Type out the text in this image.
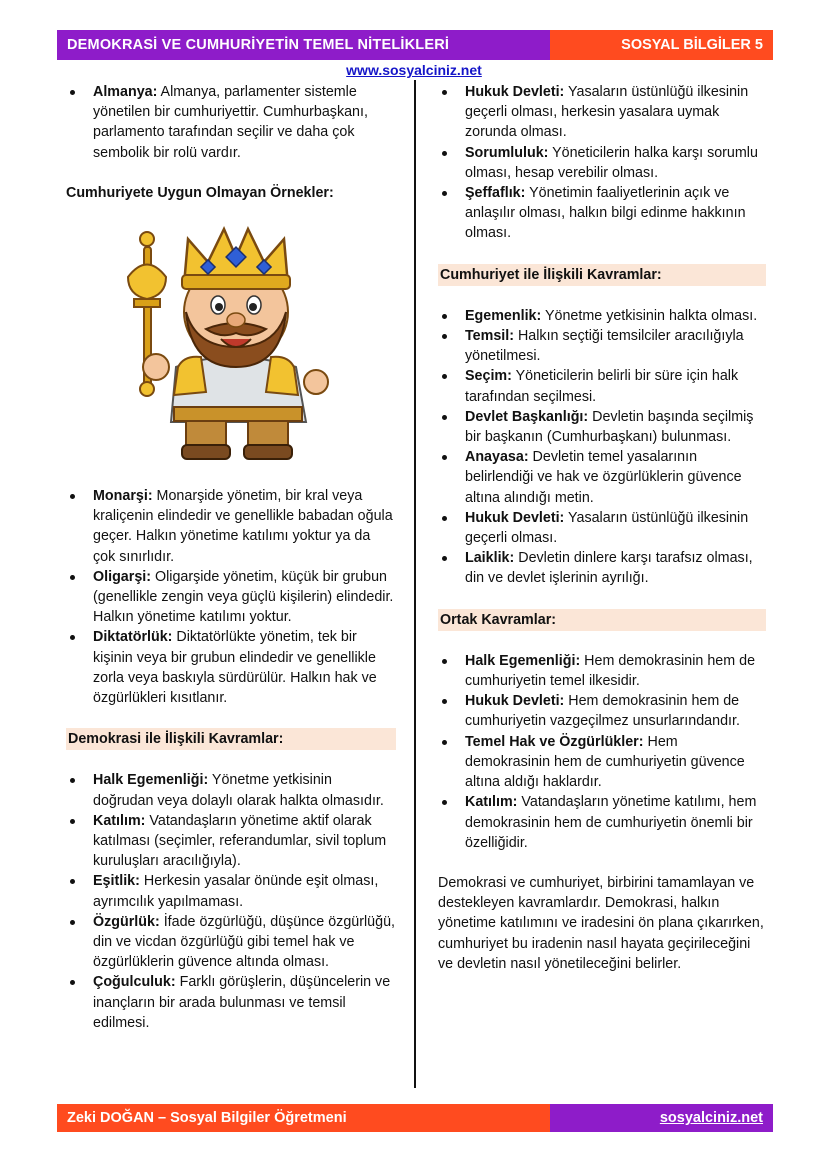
DEMOKRASİ VE CUMHURİYETİN TEMEL NİTELİKLERİ	SOSYAL BİLGİLER 5
www.sosyalciniz.net
Almanya: Almanya, parlamenter sistemle yönetilen bir cumhuriyettir. Cumhurbaşkanı, parlamento tarafından seçilir ve daha çok sembolik bir rolü vardır.

Cumhuriyete Uygun Olmayan Örnekler:

Monarşi: Monarşide yönetim, bir kral veya kraliçenin elindedir ve genellikle babadan oğula geçer. Halkın yönetime katılımı yoktur ya da çok sınırlıdır.
Oligarşi: Oligarşide yönetim, küçük bir grubun (genellikle zengin veya güçlü kişilerin) elindedir. Halkın yönetime katılımı yoktur.
Diktatörlük: Diktatörlükte yönetim, tek bir kişinin veya bir grubun elindedir ve genellikle zorla veya baskıyla sürdürülür. Halkın hak ve özgürlükleri kısıtlanır.

Demokrasi ile İlişkili Kavramlar:

Halk Egemenliği: Yönetme yetkisinin doğrudan veya dolaylı olarak halkta olmasıdır.
Katılım: Vatandaşların yönetime aktif olarak katılması (seçimler, referandumlar, sivil toplum kuruluşları aracılığıyla).
Eşitlik: Herkesin yasalar önünde eşit olması, ayrımcılık yapılmaması.
Özgürlük: İfade özgürlüğü, düşünce özgürlüğü, din ve vicdan özgürlüğü gibi temel hak ve özgürlüklerin güvence altında olması.
Çoğulculuk: Farklı görüşlerin, düşüncelerin ve inançların bir arada bulunması ve temsil edilmesi.
Hukuk Devleti: Yasaların üstünlüğü ilkesinin geçerli olması, herkesin yasalara uymak zorunda olması.
Sorumluluk: Yöneticilerin halka karşı sorumlu olması, hesap verebilir olması.
Şeffaflık: Yönetimin faaliyetlerinin açık ve anlaşılır olması, halkın bilgi edinme hakkının olması.

Cumhuriyet ile İlişkili Kavramlar:

Egemenlik: Yönetme yetkisinin halkta olması.
Temsil: Halkın seçtiği temsilciler aracılığıyla yönetilmesi.
Seçim: Yöneticilerin belirli bir süre için halk tarafından seçilmesi.
Devlet Başkanlığı: Devletin başında seçilmiş bir başkanın (Cumhurbaşkanı) bulunması.
Anayasa: Devletin temel yasalarının belirlendiği ve hak ve özgürlüklerin güvence altına alındığı metin.
Hukuk Devleti: Yasaların üstünlüğü ilkesinin geçerli olması.
Laiklik: Devletin dinlere karşı tarafsız olması, din ve devlet işlerinin ayrılığı.

Ortak Kavramlar:

Halk Egemenliği: Hem demokrasinin hem de cumhuriyetin temel ilkesidir.
Hukuk Devleti: Hem demokrasinin hem de cumhuriyetin vazgeçilmez unsurlarındandır.
Temel Hak ve Özgürlükler: Hem demokrasinin hem de cumhuriyetin güvence altına aldığı haklardır.
Katılım: Vatandaşların yönetime katılımı, hem demokrasinin hem de cumhuriyetin önemli bir özelliğidir.

Demokrasi ve cumhuriyet, birbirini tamamlayan ve destekleyen kavramlardır. Demokrasi, halkın yönetime katılımını ve iradesini ön plana çıkarırken, cumhuriyet bu iradenin nasıl hayata geçirileceğini ve devletin nasıl yönetileceğini belirler.

Zeki DOĞAN – Sosyal Bilgiler Öğretmeni	sosyalciniz.net
